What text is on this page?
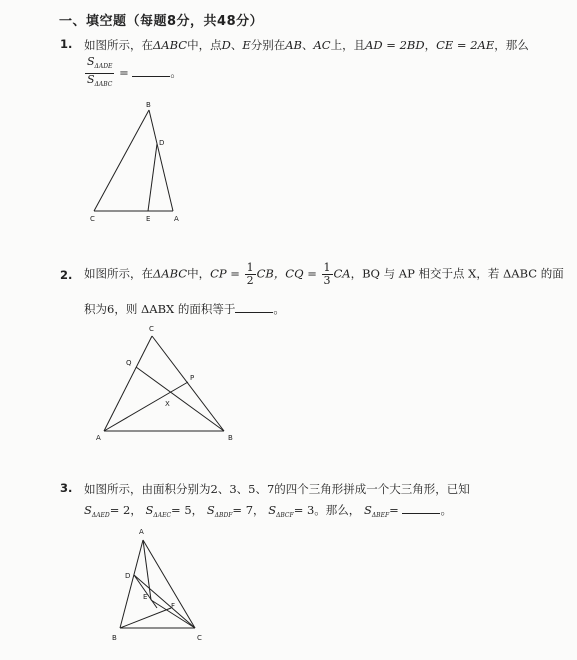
一、填空题（每题8分，共48分）
1. 如图所示，在ΔABC中，点D、E分别在AB、AC上，且AD = 2BD，CE = 2AE，那么
$\frac{S_{\Delta ADE}}{S_{\Delta ABC}}$ =	。
B
D
C	E	A
2. 如图所示，在ΔABC中，CP = $\frac{1}{2}$ CB，CQ = $\frac{1}{3}$ CA，BQ 与 AP 相交于点 X，若 ΔABC 的面
积为6，则 ΔABX 的面积等于	。
C
Q
P
X
A	B
3. 如图所示，由面积分别为2、3、5、7的四个三角形拼成一个大三角形，已知
$S_{\Delta AED}= 2$， $S_{\Delta AEC}= 5$， $S_{\Delta BDF}= 7$， $S_{\Delta BCF}= 3$。那么， $S_{\Delta BEF}=$	。
A
D
E
F
B	C
